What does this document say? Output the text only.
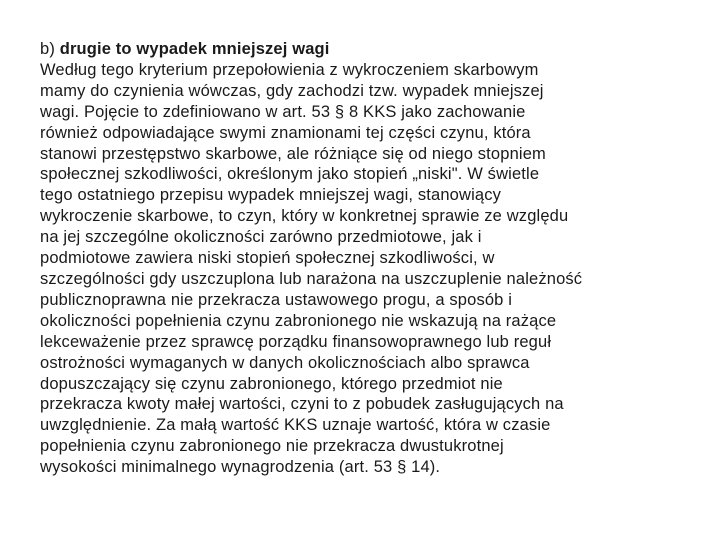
b) drugie to wypadek mniejszej wagi
Według tego kryterium przepołowienia z wykroczeniem skarbowym
mamy do czynienia wówczas, gdy zachodzi tzw. wypadek mniejszej
wagi. Pojęcie to zdefiniowano w art. 53 § 8 KKS jako zachowanie
również odpowiadające swymi znamionami tej części czynu, która
stanowi przestępstwo skarbowe, ale różniące się od niego stopniem
społecznej szkodliwości, określonym jako stopień „niski". W świetle
tego ostatniego przepisu wypadek mniejszej wagi, stanowiący
wykroczenie skarbowe, to czyn, który w konkretnej sprawie ze względu
na jej szczególne okoliczności zarówno przedmiotowe, jak i
podmiotowe zawiera niski stopień społecznej szkodliwości, w
szczególności gdy uszczuplona lub narażona na uszczuplenie należność
publicznoprawna nie przekracza ustawowego progu, a sposób i
okoliczności popełnienia czynu zabronionego nie wskazują na rażące
lekceważenie przez sprawcę porządku finansowoprawnego lub reguł
ostrożności wymaganych w danych okolicznościach albo sprawca
dopuszczający się czynu zabronionego, którego przedmiot nie
przekracza kwoty małej wartości, czyni to z pobudek zasługujących na
uwzględnienie. Za małą wartość KKS uznaje wartość, która w czasie
popełnienia czynu zabronionego nie przekracza dwustukrotnej
wysokości minimalnego wynagrodzenia (art. 53 § 14).
